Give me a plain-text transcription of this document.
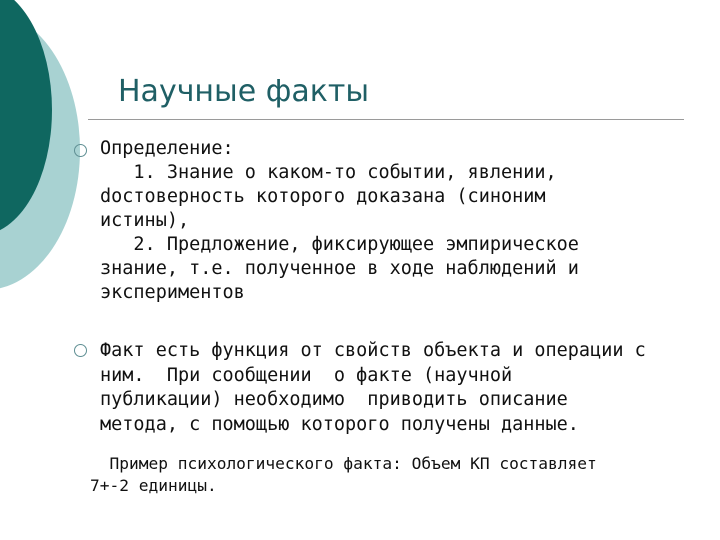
Научные факты
Определение:
1. Знание о каком-то событии, явлении,
dостоверность которого доказана (синоним
истины),
2. Предложение, фиксирующее эмпирическое
знание, т.е. полученное в ходе наблюдений и
экспериментов
Факт есть функция от свойств объекта и операции с
ним.  При сообщении  о факте (научной
публикации) необходимо  приводить описание
метода, с помощью которого получены данные.
Пример психологического факта: Объем КП составляет
7+-2 единицы.
